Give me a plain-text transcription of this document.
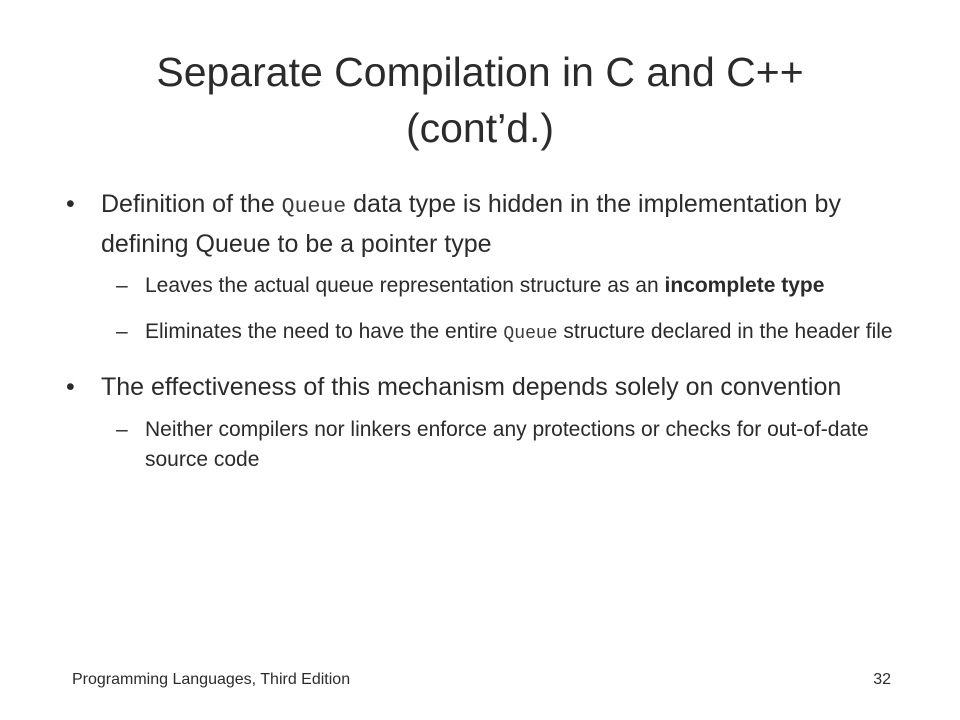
Separate Compilation in C and C++
(cont’d.)
• Definition of the Queue data type is hidden in the implementation by defining Queue to be a pointer type
– Leaves the actual queue representation structure as an incomplete type
– Eliminates the need to have the entire Queue structure declared in the header file
• The effectiveness of this mechanism depends solely on convention
– Neither compilers nor linkers enforce any protections or checks for out-of-date source code
Programming Languages, Third Edition	32
